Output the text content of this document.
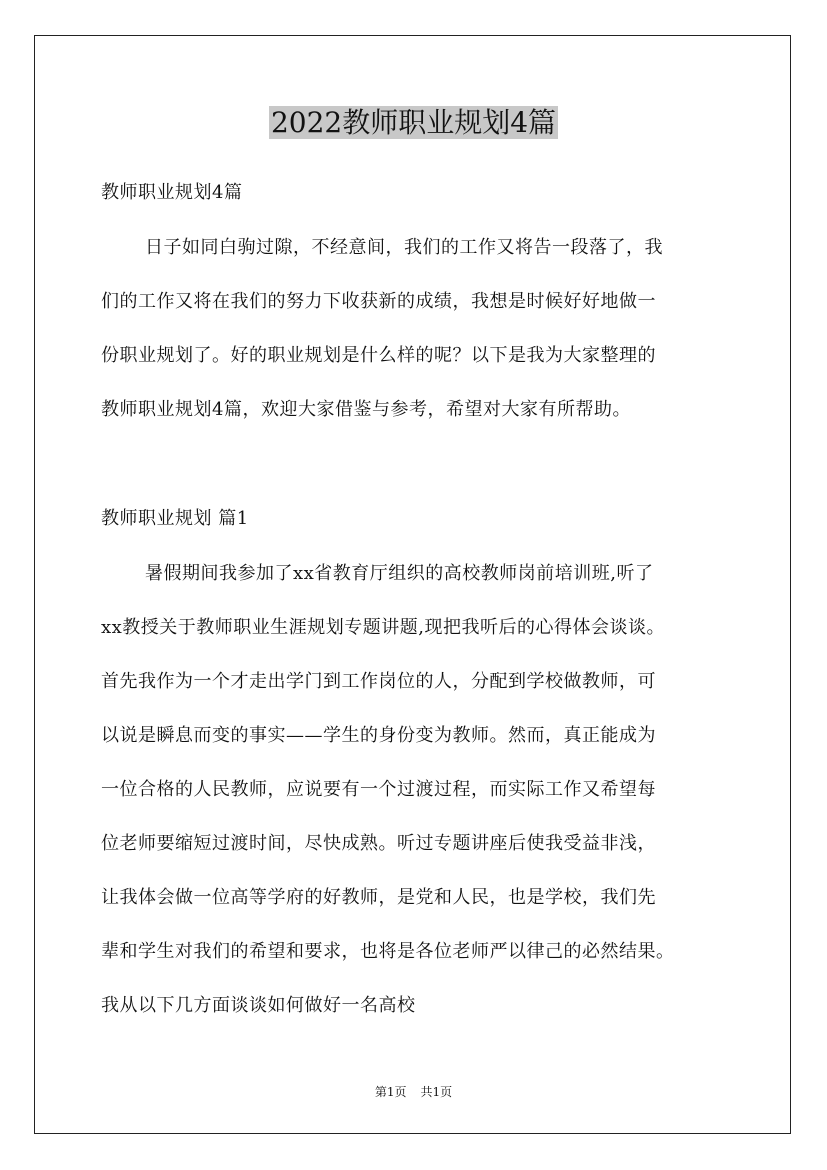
2022教师职业规划4篇
教师职业规划4篇
日子如同白驹过隙，不经意间，我们的工作又将告一段落了，我
们的工作又将在我们的努力下收获新的成绩，我想是时候好好地做一
份职业规划了。好的职业规划是什么样的呢？以下是我为大家整理的
教师职业规划4篇，欢迎大家借鉴与参考，希望对大家有所帮助。
教师职业规划 篇1
暑假期间我参加了xx省教育厅组织的高校教师岗前培训班,听了
xx教授关于教师职业生涯规划专题讲题,现把我听后的心得体会谈谈。
首先我作为一个才走出学门到工作岗位的人，分配到学校做教师，可
以说是瞬息而变的事实——学生的身份变为教师。然而，真正能成为
一位合格的人民教师，应说要有一个过渡过程，而实际工作又希望每
位老师要缩短过渡时间，尽快成熟。听过专题讲座后使我受益非浅，
让我体会做一位高等学府的好教师，是党和人民，也是学校，我们先
辈和学生对我们的希望和要求，也将是各位老师严以律己的必然结果。
我从以下几方面谈谈如何做好一名高校
第1页 共1页
